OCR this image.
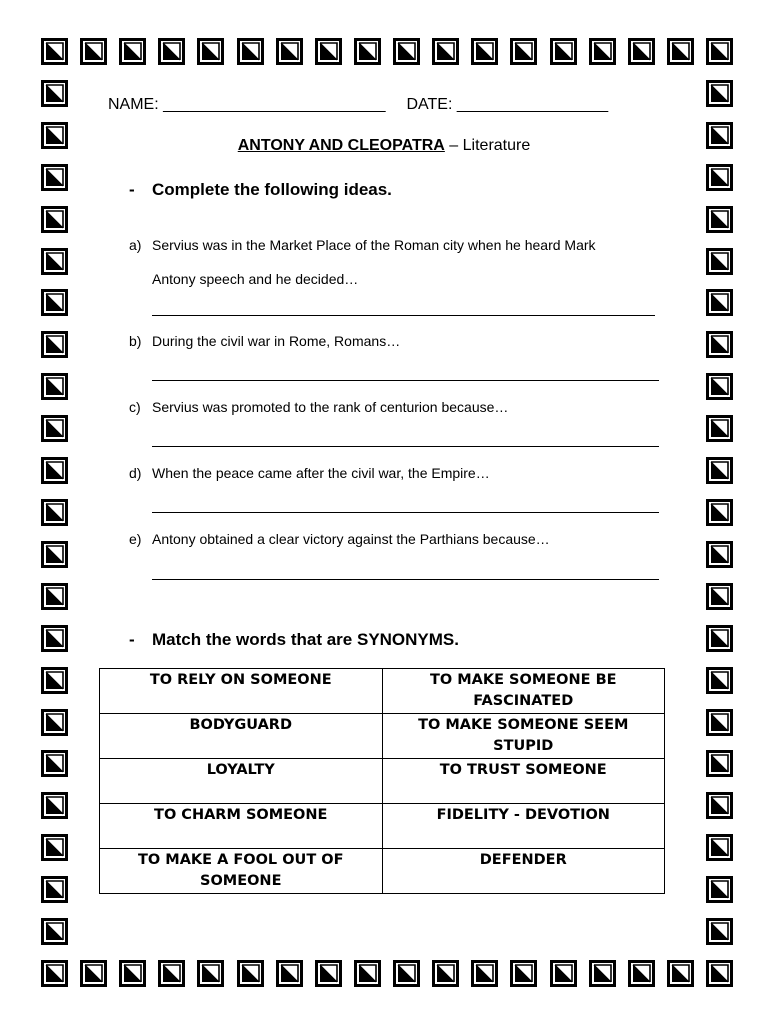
NAME: _________________________ DATE: _________________
ANTONY AND CLEOPATRA – Literature
- Complete the following ideas.
a) Servius was in the Market Place of the Roman city when he heard Mark
Antony speech and he decided…
b) During the civil war in Rome, Romans…
c) Servius was promoted to the rank of centurion because…
d) When the peace came after the civil war, the Empire…
e) Antony obtained a clear victory against the Parthians because…
- Match the words that are SYNONYMS.
TO RELY ON SOMEONE	TO MAKE SOMEONE BE FASCINATED
BODYGUARD	TO MAKE SOMEONE SEEM STUPID
LOYALTY	TO TRUST SOMEONE
TO CHARM SOMEONE	FIDELITY - DEVOTION
TO MAKE A FOOL OUT OF SOMEONE	DEFENDER
